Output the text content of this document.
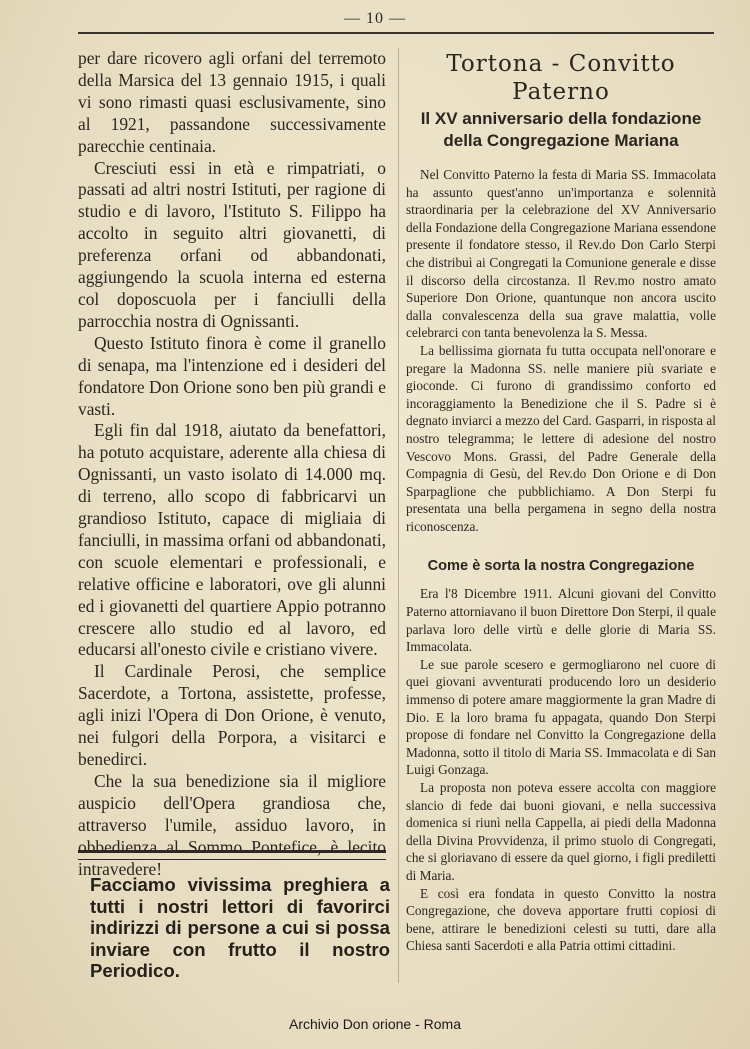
— 10 —

per dare ricovero agli orfani del terremoto della Marsica del 13 gennaio 1915, i quali vi sono rimasti quasi esclusivamente, sino al 1921, passandone successivamente parecchie centinaia.

Cresciuti essi in età e rimpatriati, o passati ad altri nostri Istituti, per ragione di studio e di lavoro, l'Istituto S. Filippo ha accolto in seguito altri giovanetti, di preferenza orfani od abbandonati, aggiungendo la scuola interna ed esterna col doposcuola per i fanciulli della parrocchia nostra di Ognissanti.

Questo Istituto finora è come il granello di senapa, ma l'intenzione ed i desideri del fondatore Don Orione sono ben più grandi e vasti.

Egli fin dal 1918, aiutato da benefattori, ha potuto acquistare, aderente alla chiesa di Ognissanti, un vasto isolato di 14.000 mq. di terreno, allo scopo di fabbricarvi un grandioso Istituto, capace di migliaia di fanciulli, in massima orfani od abbandonati, con scuole elementari e professionali, e relative officine e laboratori, ove gli alunni ed i giovanetti del quartiere Appio potranno crescere allo studio ed al lavoro, ed educarsi all'onesto civile e cristiano vivere.

Il Cardinale Perosi, che semplice Sacerdote, a Tortona, assistette, professe, agli inizi l'Opera di Don Orione, è venuto, nei fulgori della Porpora, a visitarci e benedirci.

Che la sua benedizione sia il migliore auspicio dell'Opera grandiosa che, attraverso l'umile, assiduo lavoro, in obbedienza al Sommo Pontefice, è lecito intravedere!

Facciamo vivissima preghiera a tutti i nostri lettori di favorirci indirizzi di persone a cui si possa inviare con frutto il nostro Periodico.
Tortona - Convitto Paterno
Il XV anniversario della fondazione della Congregazione Mariana

Nel Convitto Paterno la festa di Maria SS. Immacolata ha assunto quest'anno un'importanza e solennità straordinaria per la celebrazione del XV Anniversario della Fondazione della Congregazione Mariana essendone presente il fondatore stesso, il Rev.do Don Carlo Sterpi che distribuì ai Congregati la Comunione generale e disse il discorso della circostanza. Il Rev.mo nostro amato Superiore Don Orione, quantunque non ancora uscito dalla convalescenza della sua grave malattia, volle celebrarci con tanta benevolenza la S. Messa.

La bellissima giornata fu tutta occupata nell'onorare e pregare la Madonna SS. nelle maniere più svariate e gioconde. Ci furono di grandissimo conforto ed incoraggiamento la Benedizione che il S. Padre si è degnato inviarci a mezzo del Card. Gasparri, in risposta al nostro telegramma; le lettere di adesione del nostro Vescovo Mons. Grassi, del Padre Generale della Compagnia di Gesù, del Rev.do Don Orione e di Don Sparpaglione che pubblichiamo. A Don Sterpi fu presentata una bella pergamena in segno della nostra riconoscenza.

Come è sorta la nostra Congregazione

Era l'8 Dicembre 1911. Alcuni giovani del Convitto Paterno attorniavano il buon Direttore Don Sterpi, il quale parlava loro delle virtù e delle glorie di Maria SS. Immacolata.

Le sue parole scesero e germogliarono nel cuore di quei giovani avventurati producendo loro un desiderio immenso di potere amare maggiormente la gran Madre di Dio. E la loro brama fu appagata, quando Don Sterpi propose di fondare nel Convitto la Congregazione della Madonna, sotto il titolo di Maria SS. Immacolata e di San Luigi Gonzaga.

La proposta non poteva essere accolta con maggiore slancio di fede dai buoni giovani, e nella successiva domenica si riunì nella Cappella, ai piedi della Madonna della Divina Provvidenza, il primo stuolo di Congregati, che si gloriavano di essere da quel giorno, i figli prediletti di Maria.

E così era fondata in questo Convitto la nostra Congregazione, che doveva apportare frutti copiosi di bene, attirare le benedizioni celesti su tutti, dare alla Chiesa santi Sacerdoti e alla Patria ottimi cittadini.

Archivio Don orione - Roma
